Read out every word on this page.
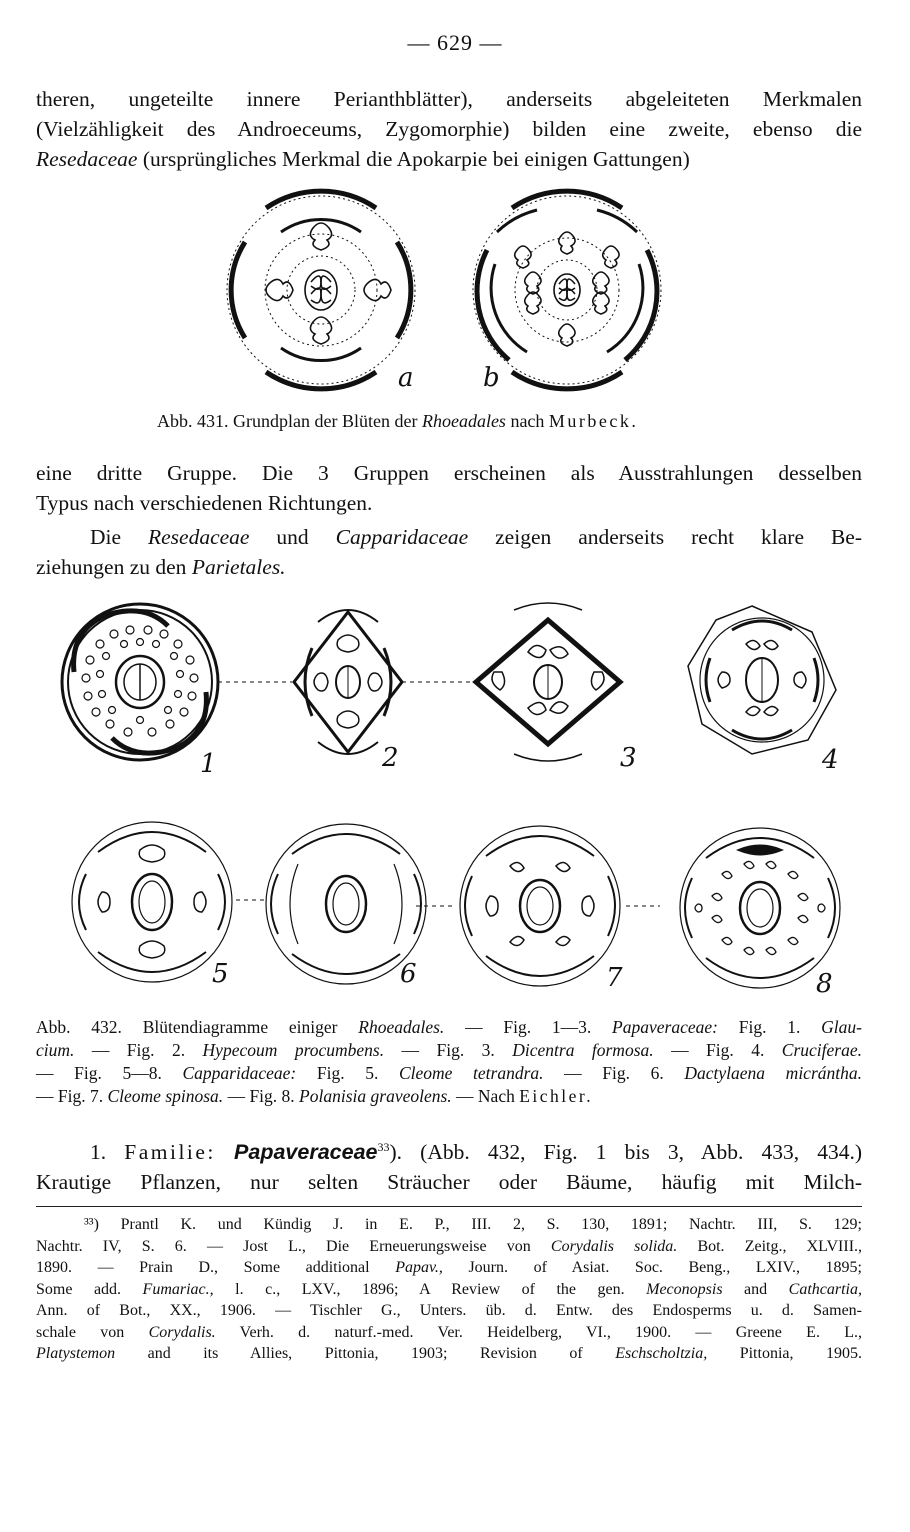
— 629 —
theren, ungeteilte innere Perianthblätter), anderseits abgeleiteten Merkmalen
(Vielzähligkeit des Androeceums, Zygomorphie) bilden eine zweite, ebenso die
Resedaceae (ursprüngliches Merkmal die Apokarpie bei einigen Gattungen)
a	b
Abb. 431. Grundplan der Blüten der Rhoeadales nach Murbeck.
eine dritte Gruppe. Die 3 Gruppen erscheinen als Ausstrahlungen desselben
Typus nach verschiedenen Richtungen.
Die Resedaceae und Capparidaceae zeigen anderseits recht klare Be-
ziehungen zu den Parietales.
1	2	3	4
5	6	7	8
Abb. 432. Blütendiagramme einiger Rhoeadales. — Fig. 1—3. Papaveraceae: Fig. 1. Glau-
cium. — Fig. 2. Hypecoum procumbens. — Fig. 3. Dicentra formosa. — Fig. 4. Cruciferae.
— Fig. 5—8. Capparidaceae: Fig. 5. Cleome tetrandra. — Fig. 6. Dactylaena micrántha.
— Fig. 7. Cleome spinosa. — Fig. 8. Polanisia graveolens. — Nach Eichler.
1. Familie: Papaveraceae$^{33}$). (Abb. 432, Fig. 1 bis 3, Abb. 433, 434.)
Krautige Pflanzen, nur selten Sträucher oder Bäume, häufig mit Milch-
³³) Prantl K. und Kündig J. in E. P., III. 2, S. 130, 1891; Nachtr. III, S. 129;
Nachtr. IV, S. 6. — Jost L., Die Erneuerungsweise von Corydalis solida. Bot. Zeitg., XLVIII.,
1890. — Prain D., Some additional Papav., Journ. of Asiat. Soc. Beng., LXIV., 1895;
Some add. Fumariac., l. c., LXV., 1896; A Review of the gen. Meconopsis and Cathcartia,
Ann. of Bot., XX., 1906. — Tischler G., Unters. üb. d. Entw. des Endosperms u. d. Samen-
schale von Corydalis. Verh. d. naturf.-med. Ver. Heidelberg, VI., 1900. — Greene E. L.,
Platystemon and its Allies, Pittonia, 1903; Revision of Eschscholtzia, Pittonia, 1905.
